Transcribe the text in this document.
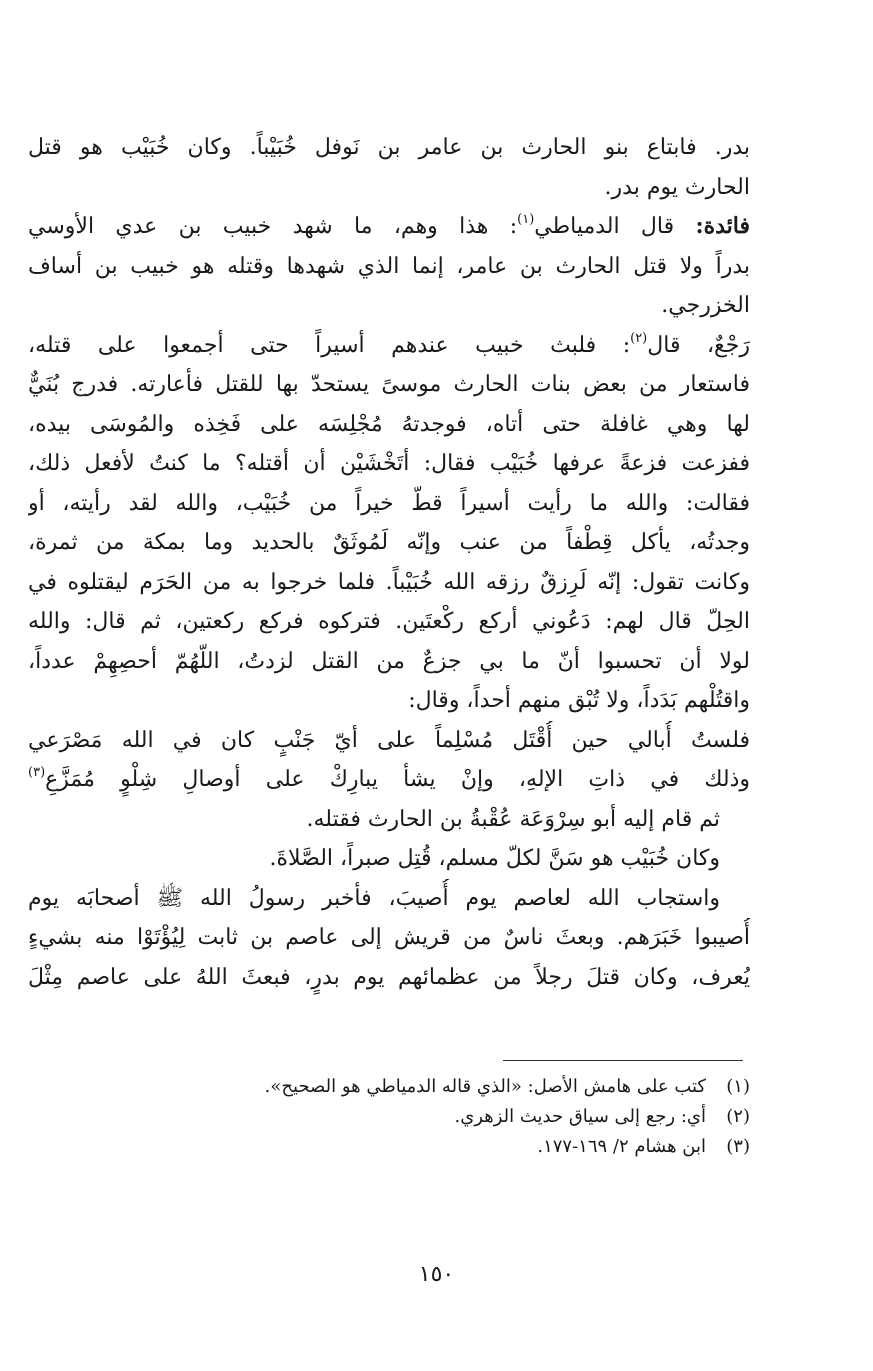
بدر. فابتاع بنو الحارث بن عامر بن نَوفل خُبَيْباً. وكان خُبَيْب هو قتل
الحارث يوم بدر.
فائدة: قال الدمياطي$^{(١)}$: هذا وهم، ما شهد خبيب بن عدي الأوسي
بدراً ولا قتل الحارث بن عامر، إنما الذي شهدها وقتله هو خبيب بن أساف
الخزرجي.
رَجْعٌ، قال$^{(٢)}$: فلبث خبيب عندهم أسيراً حتى أجمعوا على قتله،
فاستعار من بعض بنات الحارث موسىً يستحدّ بها للقتل فأعارته. فدرج بُنَيٌّ
لها وهي غافلة حتى أتاه، فوجدتهُ مُجْلِسَه على فَخِذه والمُوسَى بيده،
ففزعت فزعةً عرفها خُبَيْب فقال: أتَخْشَيْن أن أقتله؟ ما كنتُ لأفعل ذلك،
فقالت: والله ما رأيت أسيراً قطّ خيراً من خُبَيْب، والله لقد رأيته، أو
وجدتُه، يأكل قِطْفاً من عنب وإنّه لَمُوثَقٌ بالحديد وما بمكة من ثمرة،
وكانت تقول: إنّه لَرِزقٌ رزقه الله خُبَيْباً. فلما خرجوا به من الحَرَم ليقتلوه في
الحِلّ قال لهم: دَعُوني أركع ركْعتَين. فتركوه فركع ركعتين، ثم قال: والله
لولا أن تحسبوا أنّ ما بي جزعٌ من القتل لزدتُ، اللّهُمّ أحصِهِمْ عدداً،
واقتُلْهم بَدَداً، ولا تُبْق منهم أحداً، وقال:
فلستُ أُبالي حين أُقْتَل مُسْلِماً على أيّ جَنْبٍ كان في الله مَصْرَعي
وذلك في ذاتِ الإلهِ، وإنْ يشأ يبارِكْ على أوصالِ شِلْوٍ مُمَزَّعِ$^{(٣)}$
ثم قام إليه أبو سِرْوَعَة عُقْبةُ بن الحارث فقتله.
وكان خُبَيْب هو سَنَّ لكلّ مسلم، قُتِل صبراً، الصَّلاةَ.
واستجاب الله لعاصم يوم أُصيبَ، فأخبر رسولُ الله ﷺ أصحابَه يوم
أُصيبوا خَبَرَهم. وبعثَ ناسٌ من قريش إلى عاصم بن ثابت لِيُؤْتَوْا منه بشيءٍ
يُعرف، وكان قتلَ رجلاً من عظمائهم يوم بدرٍ، فبعثَ اللهُ على عاصم مِثْلَ
(١)كتب على هامش الأصل: «الذي قاله الدمياطي هو الصحيح».
(٢)أي: رجع إلى سياق حديث الزهري.
(٣)ابن هشام ٢/ ١٦٩-١٧٧.
١٥٠
